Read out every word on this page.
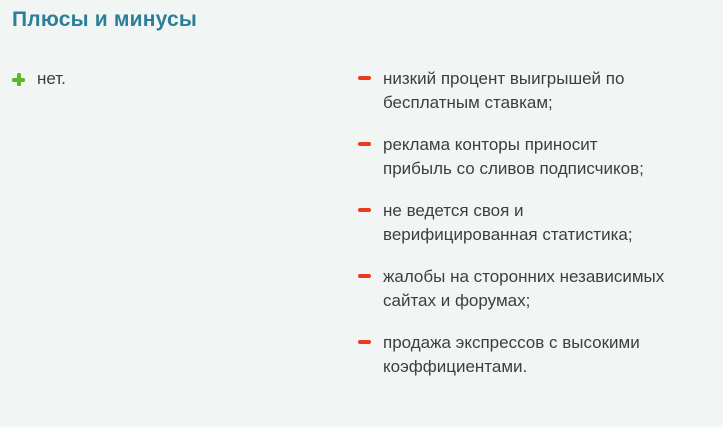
Плюсы и минусы
нет.	низкий процент выигрышей по бесплатным ставкам;
реклама конторы приносит прибыль со сливов подписчиков;
не ведется своя и верифицированная статистика;
жалобы на сторонних независимых сайтах и форумах;
продажа экспрессов с высокими коэффициентами.
